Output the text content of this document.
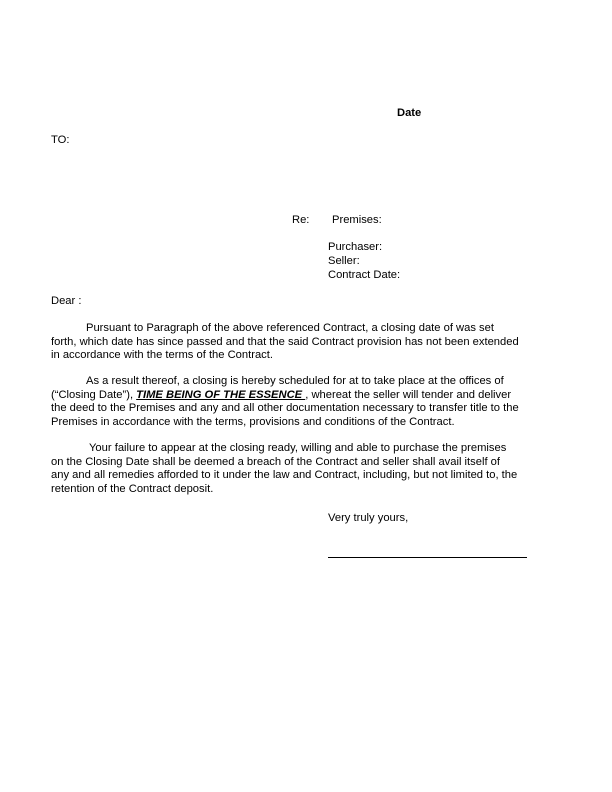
Date
TO:
Re: Premises:
Purchaser:
Seller:
Contract Date:
Dear :
Pursuant to Paragraph of the above referenced Contract, a closing date of was set
forth, which date has since passed and that the said Contract provision has not been extended
in accordance with the terms of the Contract.
As a result thereof, a closing is hereby scheduled for at to take place at the offices of
(“Closing Date”), TIME BEING OF THE ESSENCE , whereat the seller will tender and deliver
the deed to the Premises and any and all other documentation necessary to transfer title to the
Premises in accordance with the terms, provisions and conditions of the Contract.
Your failure to appear at the closing ready, willing and able to purchase the premises
on the Closing Date shall be deemed a breach of the Contract and seller shall avail itself of
any and all remedies afforded to it under the law and Contract, including, but not limited to, the
retention of the Contract deposit.
Very truly yours,
